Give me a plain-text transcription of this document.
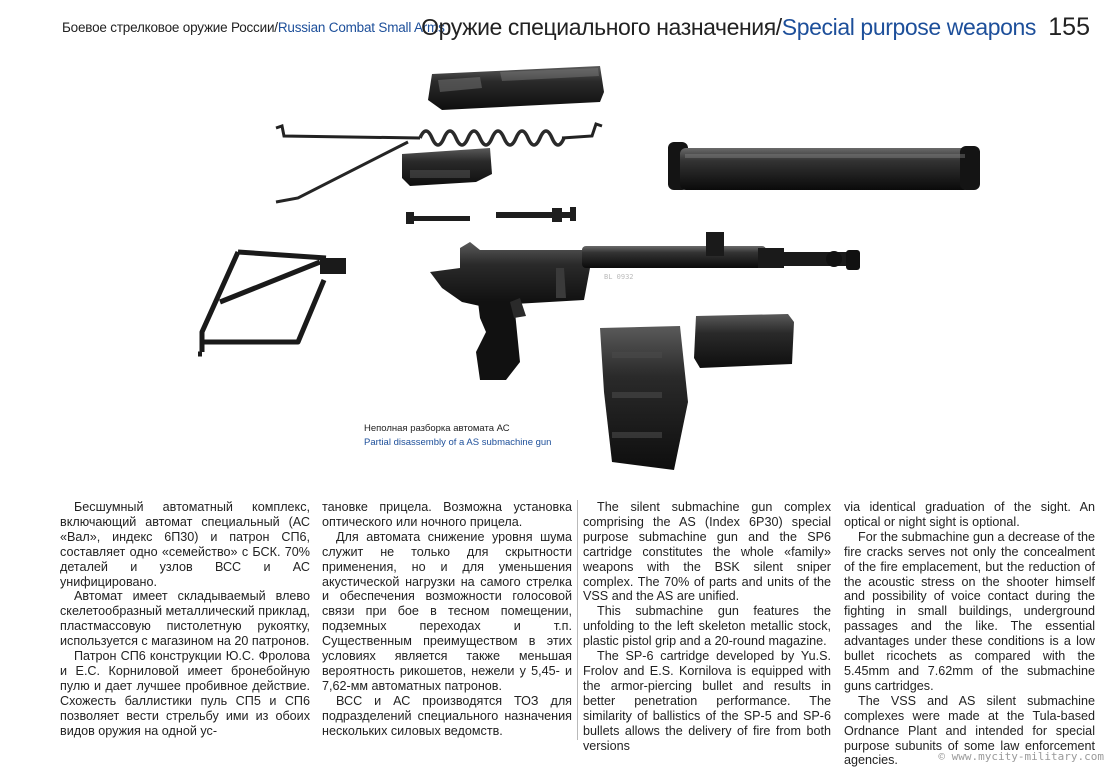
Боевое стрелковое оружие России/Russian Combat Small Arms
Оружие специального назначения/Special purpose weapons 155
BL 0932
Неполная разборка автомата АС
Partial disassembly of a AS submachine gun

Бесшумный автоматный комплекс, включающий автомат специальный (АС «Вал», индекс 6П30) и патрон СП6, составляет одно «семейство» с БСК. 70% деталей и узлов ВСС и АС унифицировано.

Автомат имеет складываемый влево скелетообразный металлический приклад, пластмассовую пистолетную рукоятку, используется с магазином на 20 патронов.

Патрон СП6 конструкции Ю.С. Фролова и Е.С. Корниловой имеет бронебойную пулю и дает лучшее пробивное действие. Схожесть баллистики пуль СП5 и СП6 позволяет вести стрельбу ими из обоих видов оружия на одной ус-

тановке прицела. Возможна установка оптического или ночного прицела.

Для автомата снижение уровня шума служит не только для скрытности применения, но и для уменьшения акустической нагрузки на самого стрелка и обеспечения возможности голосовой связи при бое в тесном помещении, подземных переходах и т.п. Существенным преимуществом в этих условиях является также меньшая вероятность рикошетов, нежели у 5,45- и 7,62-мм автоматных патронов.

ВСС и АС производятся ТОЗ для подразделений специального назначения нескольких силовых ведомств.

The silent submachine gun complex comprising the AS (Index 6P30) special purpose submachine gun and the SP6 cartridge constitutes the whole «family» weapons with the BSK silent sniper complex. The 70% of parts and units of the VSS and the AS are unified.

This submachine gun features the unfolding to the left skeleton metallic stock, plastic pistol grip and a 20-round magazine.

The SP-6 cartridge developed by Yu.S. Frolov and E.S. Kornilova is equipped with the armor-piercing bullet and results in better penetration performance. The similarity of ballistics of the SP-5 and SP-6 bullets allows the delivery of fire from both versions

via identical graduation of the sight. An optical or night sight is optional.

For the submachine gun a decrease of the fire cracks serves not only the concealment of the fire emplacement, but the reduction of the acoustic stress on the shooter himself and possibility of voice contact during the fighting in small buildings, underground passages and the like. The essential advantages under these conditions is a low bullet ricochets as compared with the 5.45mm and 7.62mm of the submachine guns cartridges.

The VSS and AS silent submachine complexes were made at the Tula-based Ordnance Plant and intended for special purpose subunits of some law enforcement agencies.	© www.mycity-military.com
